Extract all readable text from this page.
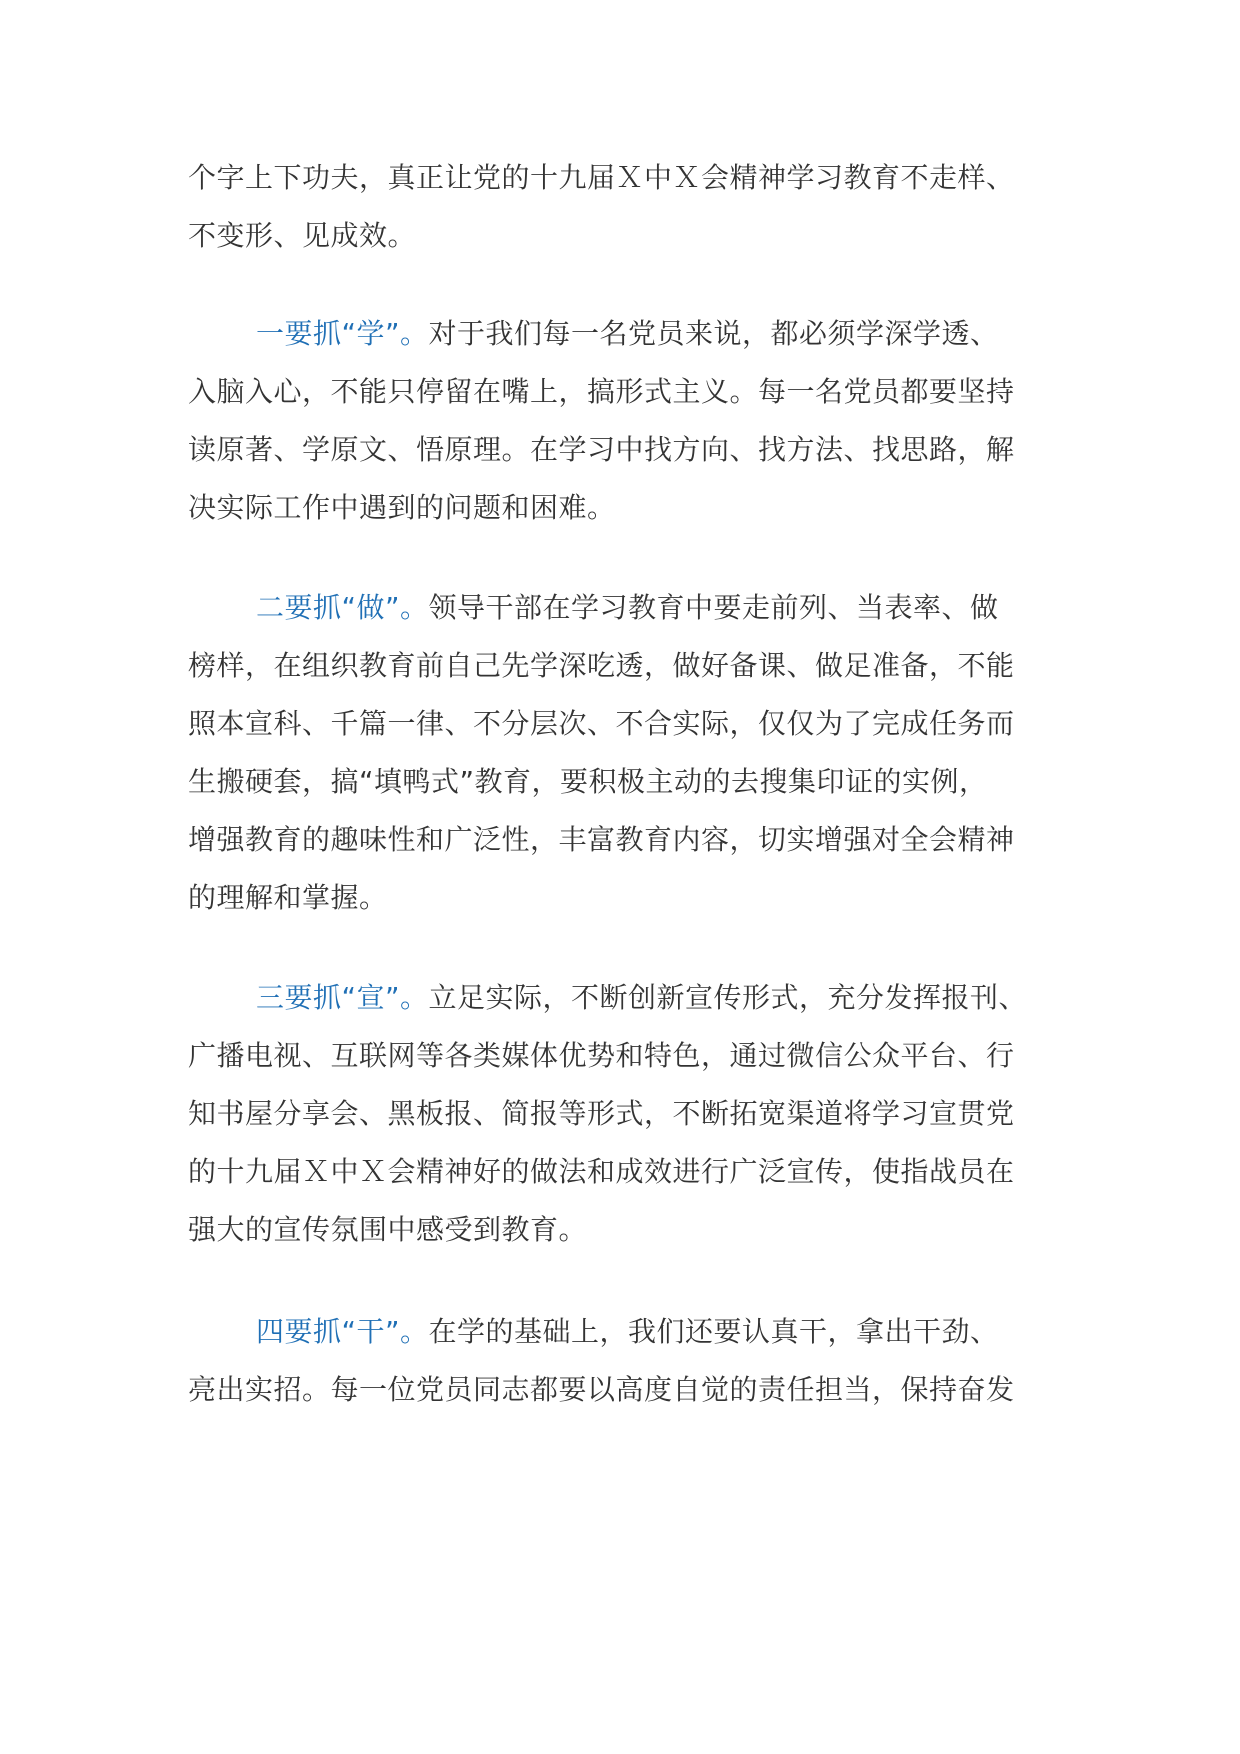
个字上下功夫，真正让党的十九届Ｘ中Ｘ会精神学习教育不走样、
不变形、见成效。
一要抓“学”。对于我们每一名党员来说，都必须学深学透、
入脑入心，不能只停留在嘴上，搞形式主义。每一名党员都要坚持
读原著、学原文、悟原理。在学习中找方向、找方法、找思路，解
决实际工作中遇到的问题和困难。
二要抓“做”。领导干部在学习教育中要走前列、当表率、做
榜样，在组织教育前自己先学深吃透，做好备课、做足准备，不能
照本宣科、千篇一律、不分层次、不合实际，仅仅为了完成任务而
生搬硬套，搞“填鸭式”教育，要积极主动的去搜集印证的实例，
增强教育的趣味性和广泛性，丰富教育内容，切实增强对全会精神
的理解和掌握。
三要抓“宣”。立足实际，不断创新宣传形式，充分发挥报刊、
广播电视、互联网等各类媒体优势和特色，通过微信公众平台、行
知书屋分享会、黑板报、简报等形式，不断拓宽渠道将学习宣贯党
的十九届Ｘ中Ｘ会精神好的做法和成效进行广泛宣传，使指战员在
强大的宣传氛围中感受到教育。
四要抓“干”。在学的基础上，我们还要认真干，拿出干劲、
亮出实招。每一位党员同志都要以高度自觉的责任担当，保持奋发
